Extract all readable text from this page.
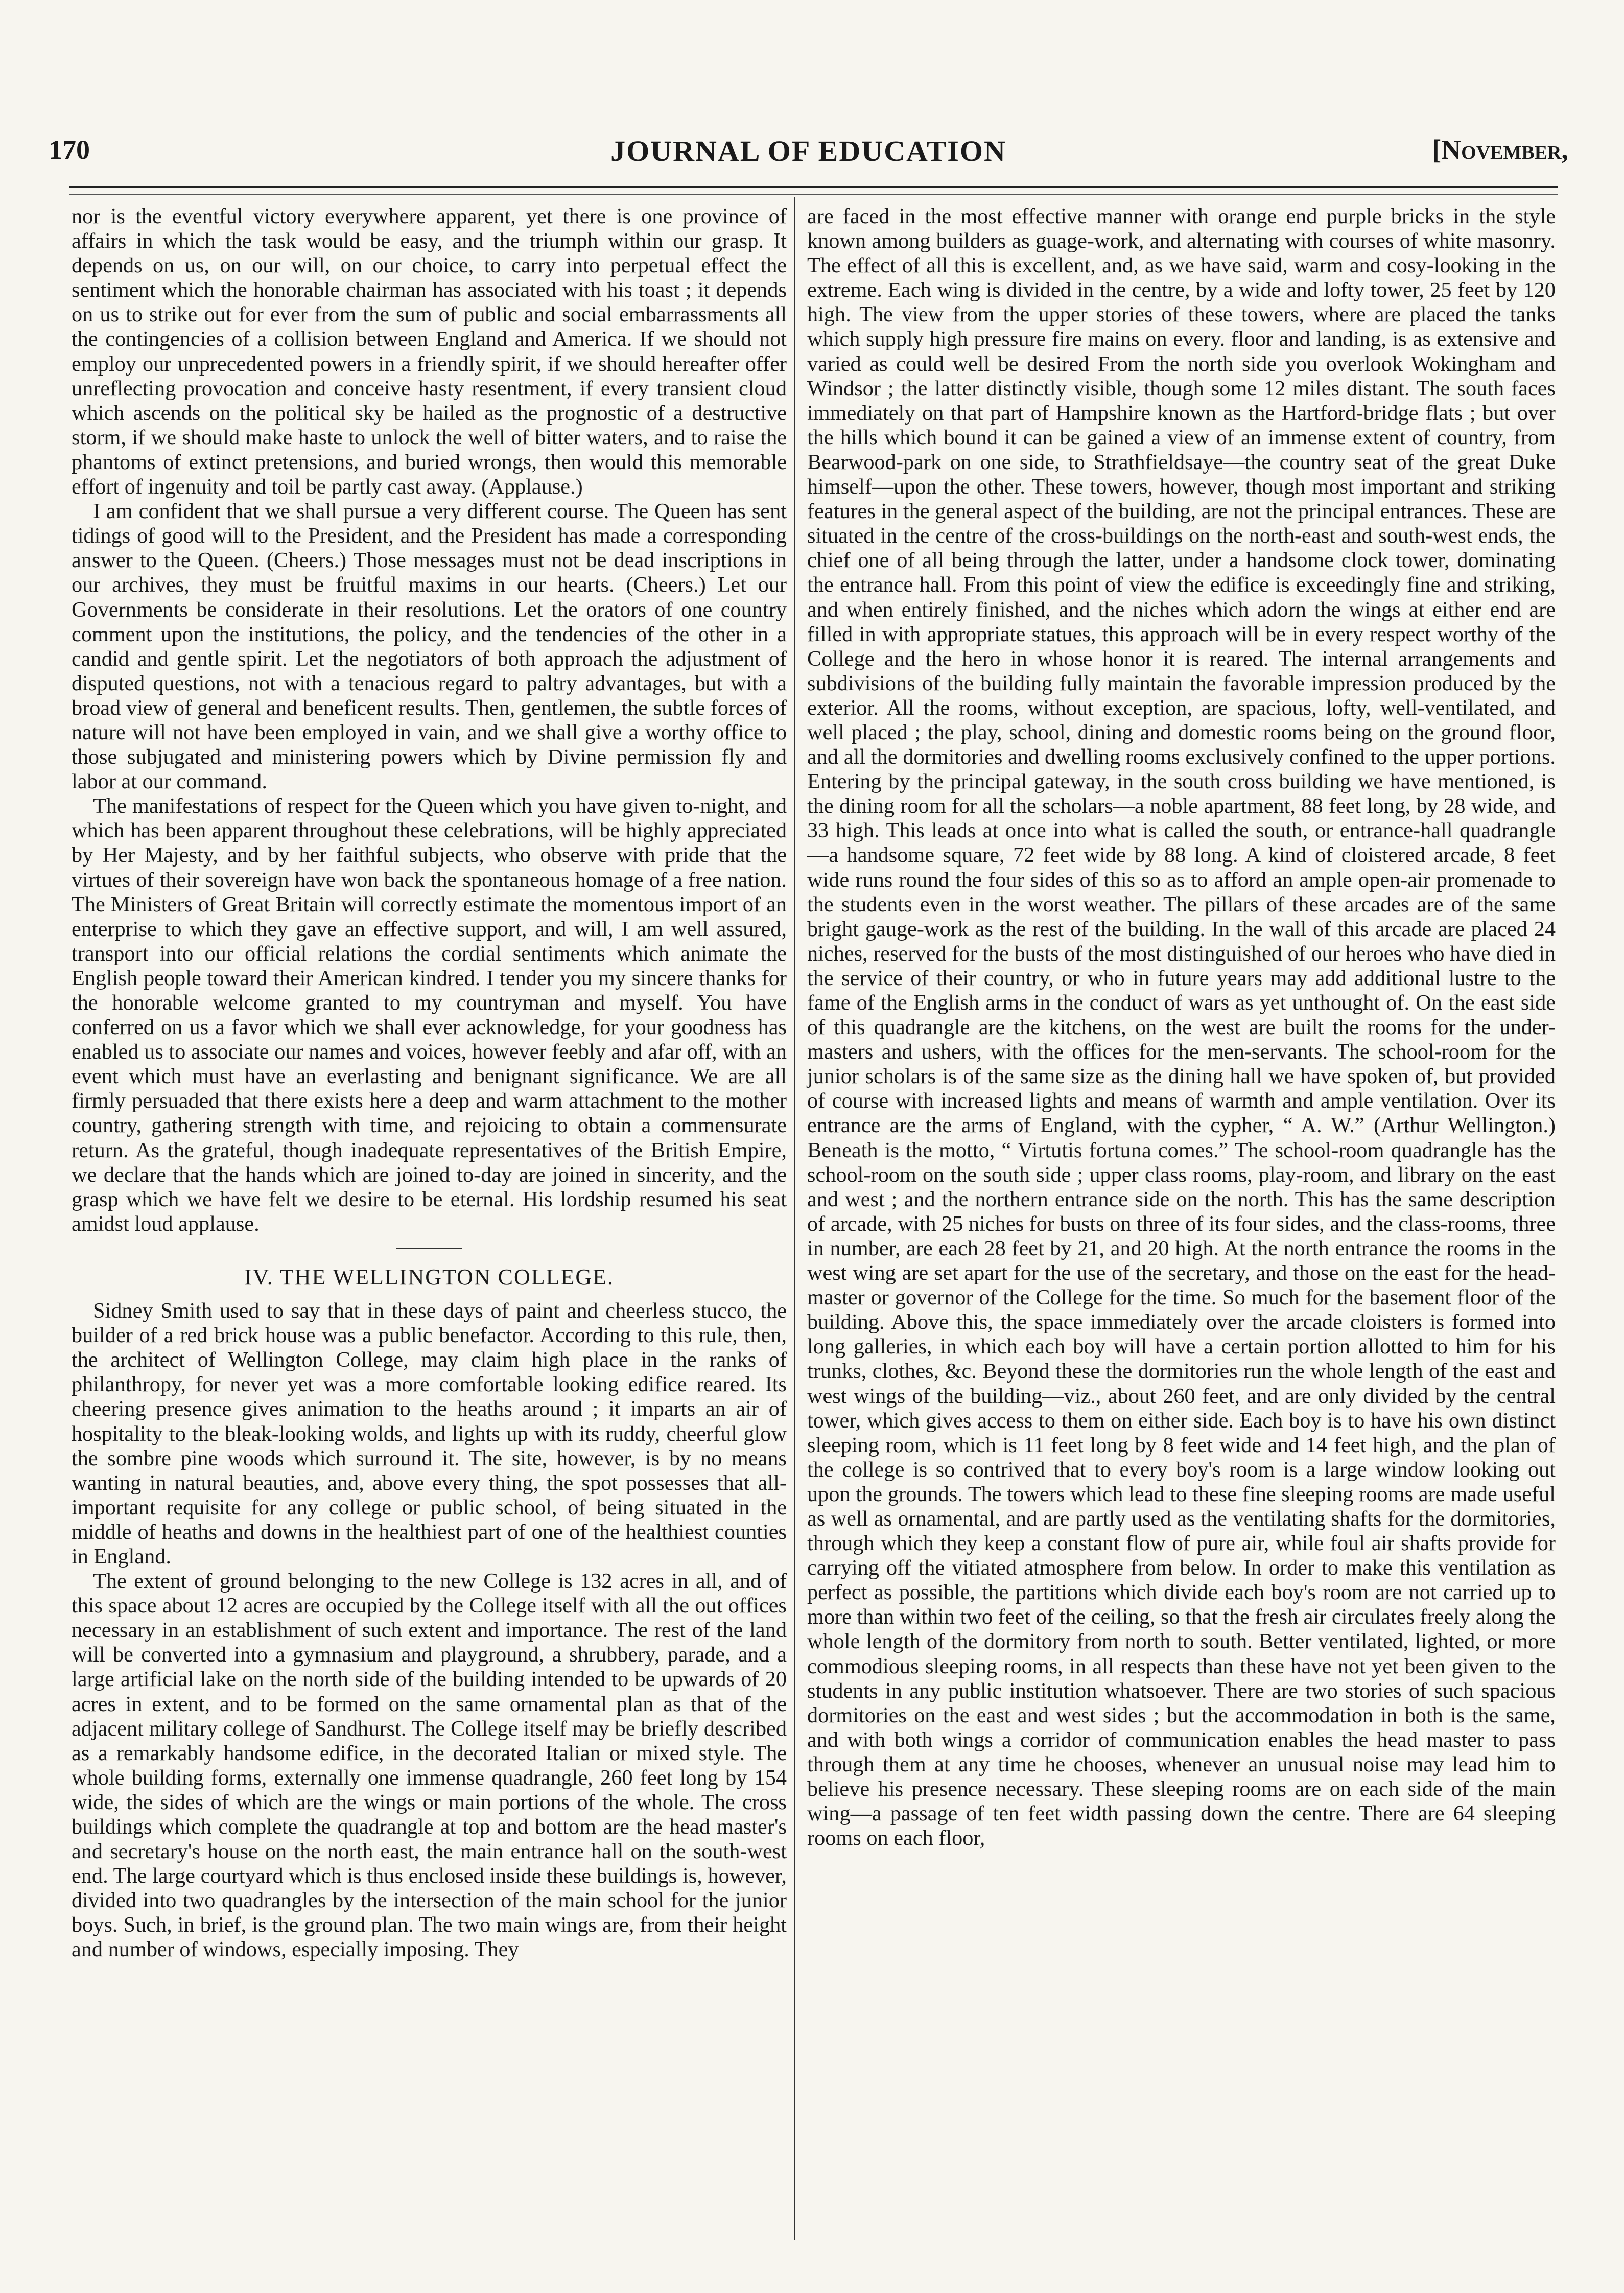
170	JOURNAL OF EDUCATION	[November,

nor is the eventful victory everywhere apparent, yet there is one province of affairs in which the task would be easy, and the triumph within our grasp. It depends on us, on our will, on our choice, to carry into perpetual effect the sentiment which the honorable chairman has associated with his toast ; it depends on us to strike out for ever from the sum of public and social embarrassments all the contingencies of a collision between England and America. If we should not employ our unprecedented powers in a friendly spirit, if we should hereafter offer unreflecting provocation and conceive hasty resentment, if every transient cloud which ascends on the political sky be hailed as the prognostic of a destructive storm, if we should make haste to unlock the well of bitter waters, and to raise the phantoms of extinct pretensions, and buried wrongs, then would this memorable effort of ingenuity and toil be partly cast away. (Applause.)

I am confident that we shall pursue a very different course. The Queen has sent tidings of good will to the President, and the President has made a corresponding answer to the Queen. (Cheers.) Those messages must not be dead inscriptions in our archives, they must be fruitful maxims in our hearts. (Cheers.) Let our Governments be considerate in their resolutions. Let the orators of one country comment upon the institutions, the policy, and the tendencies of the other in a candid and gentle spirit. Let the negotiators of both approach the adjustment of disputed questions, not with a tenacious regard to paltry advantages, but with a broad view of general and beneficent results. Then, gentlemen, the subtle forces of nature will not have been employed in vain, and we shall give a worthy office to those subjugated and ministering powers which by Divine permission fly and labor at our command.

The manifestations of respect for the Queen which you have given to-night, and which has been apparent throughout these celebrations, will be highly appreciated by Her Majesty, and by her faithful subjects, who observe with pride that the virtues of their sovereign have won back the spontaneous homage of a free nation. The Ministers of Great Britain will correctly estimate the momentous import of an enterprise to which they gave an effective support, and will, I am well assured, transport into our official relations the cordial sentiments which animate the English people toward their American kindred. I tender you my sincere thanks for the honorable welcome granted to my countryman and myself. You have conferred on us a favor which we shall ever acknowledge, for your goodness has enabled us to associate our names and voices, however feebly and afar off, with an event which must have an everlasting and benignant significance. We are all firmly persuaded that there exists here a deep and warm attachment to the mother country, gathering strength with time, and rejoicing to obtain a commensurate return. As the grateful, though inadequate representatives of the British Empire, we declare that the hands which are joined to-day are joined in sincerity, and the grasp which we have felt we desire to be eternal. His lordship resumed his seat amidst loud applause.

IV. THE WELLINGTON COLLEGE.

Sidney Smith used to say that in these days of paint and cheerless stucco, the builder of a red brick house was a public benefactor. According to this rule, then, the architect of Wellington College, may claim high place in the ranks of philanthropy, for never yet was a more comfortable looking edifice reared. Its cheering presence gives animation to the heaths around ; it imparts an air of hospitality to the bleak-looking wolds, and lights up with its ruddy, cheerful glow the sombre pine woods which surround it. The site, however, is by no means wanting in natural beauties, and, above every thing, the spot possesses that all-important requisite for any college or public school, of being situated in the middle of heaths and downs in the healthiest part of one of the healthiest counties in England.

The extent of ground belonging to the new College is 132 acres in all, and of this space about 12 acres are occupied by the College itself with all the out offices necessary in an establishment of such extent and importance. The rest of the land will be converted into a gymnasium and playground, a shrubbery, parade, and a large artificial lake on the north side of the building intended to be upwards of 20 acres in extent, and to be formed on the same ornamental plan as that of the adjacent military college of Sandhurst. The College itself may be briefly described as a remarkably handsome edifice, in the decorated Italian or mixed style. The whole building forms, externally one immense quadrangle, 260 feet long by 154 wide, the sides of which are the wings or main portions of the whole. The cross buildings which complete the quadrangle at top and bottom are the head master's and secretary's house on the north east, the main entrance hall on the south-west end. The large courtyard which is thus enclosed inside these buildings is, however, divided into two quadrangles by the intersection of the main school for the junior boys. Such, in brief, is the ground plan. The two main wings are, from their height and number of windows, especially imposing. They

are faced in the most effective manner with orange end purple bricks in the style known among builders as guage-work, and alternating with courses of white masonry. The effect of all this is excellent, and, as we have said, warm and cosy-looking in the extreme. Each wing is divided in the centre, by a wide and lofty tower, 25 feet by 120 high. The view from the upper stories of these towers, where are placed the tanks which supply high pressure fire mains on every. floor and landing, is as extensive and varied as could well be desired From the north side you overlook Wokingham and Windsor ; the latter distinctly visible, though some 12 miles distant. The south faces immediately on that part of Hampshire known as the Hartford-bridge flats ; but over the hills which bound it can be gained a view of an immense extent of country, from Bearwood-park on one side, to Strathfieldsaye—the country seat of the great Duke himself—upon the other. These towers, however, though most important and striking features in the general aspect of the building, are not the principal entrances. These are situated in the centre of the cross-buildings on the north-east and south-west ends, the chief one of all being through the latter, under a handsome clock tower, dominating the entrance hall. From this point of view the edifice is exceedingly fine and striking, and when entirely finished, and the niches which adorn the wings at either end are filled in with appropriate statues, this approach will be in every respect worthy of the College and the hero in whose honor it is reared. The internal arrangements and subdivisions of the building fully maintain the favorable impression produced by the exterior. All the rooms, without exception, are spacious, lofty, well-ventilated, and well placed ; the play, school, dining and domestic rooms being on the ground floor, and all the dormitories and dwelling rooms exclusively confined to the upper portions. Entering by the principal gateway, in the south cross building we have mentioned, is the dining room for all the scholars—a noble apartment, 88 feet long, by 28 wide, and 33 high. This leads at once into what is called the south, or entrance-hall quadrangle—a handsome square, 72 feet wide by 88 long. A kind of cloistered arcade, 8 feet wide runs round the four sides of this so as to afford an ample open-air promenade to the students even in the worst weather. The pillars of these arcades are of the same bright gauge-work as the rest of the building. In the wall of this arcade are placed 24 niches, reserved for the busts of the most distinguished of our heroes who have died in the service of their country, or who in future years may add additional lustre to the fame of the English arms in the conduct of wars as yet unthought of. On the east side of this quadrangle are the kitchens, on the west are built the rooms for the under-masters and ushers, with the offices for the men-servants. The school-room for the junior scholars is of the same size as the dining hall we have spoken of, but provided of course with increased lights and means of warmth and ample ventilation. Over its entrance are the arms of England, with the cypher, “ A. W.” (Arthur Wellington.) Beneath is the motto, “ Virtutis fortuna comes.” The school-room quadrangle has the school-room on the south side ; upper class rooms, play-room, and library on the east and west ; and the northern entrance side on the north. This has the same description of arcade, with 25 niches for busts on three of its four sides, and the class-rooms, three in number, are each 28 feet by 21, and 20 high. At the north entrance the rooms in the west wing are set apart for the use of the secretary, and those on the east for the head-master or governor of the College for the time. So much for the basement floor of the building. Above this, the space immediately over the arcade cloisters is formed into long galleries, in which each boy will have a certain portion allotted to him for his trunks, clothes, &c. Beyond these the dormitories run the whole length of the east and west wings of the building—viz., about 260 feet, and are only divided by the central tower, which gives access to them on either side. Each boy is to have his own distinct sleeping room, which is 11 feet long by 8 feet wide and 14 feet high, and the plan of the college is so contrived that to every boy's room is a large window looking out upon the grounds. The towers which lead to these fine sleeping rooms are made useful as well as ornamental, and are partly used as the ventilating shafts for the dormitories, through which they keep a constant flow of pure air, while foul air shafts provide for carrying off the vitiated atmosphere from below. In order to make this ventilation as perfect as possible, the partitions which divide each boy's room are not carried up to more than within two feet of the ceiling, so that the fresh air circulates freely along the whole length of the dormitory from north to south. Better ventilated, lighted, or more commodious sleeping rooms, in all respects than these have not yet been given to the students in any public institution whatsoever. There are two stories of such spacious dormitories on the east and west sides ; but the accommodation in both is the same, and with both wings a corridor of communication enables the head master to pass through them at any time he chooses, whenever an unusual noise may lead him to believe his presence necessary. These sleeping rooms are on each side of the main wing—a passage of ten feet width passing down the centre. There are 64 sleeping rooms on each floor,
